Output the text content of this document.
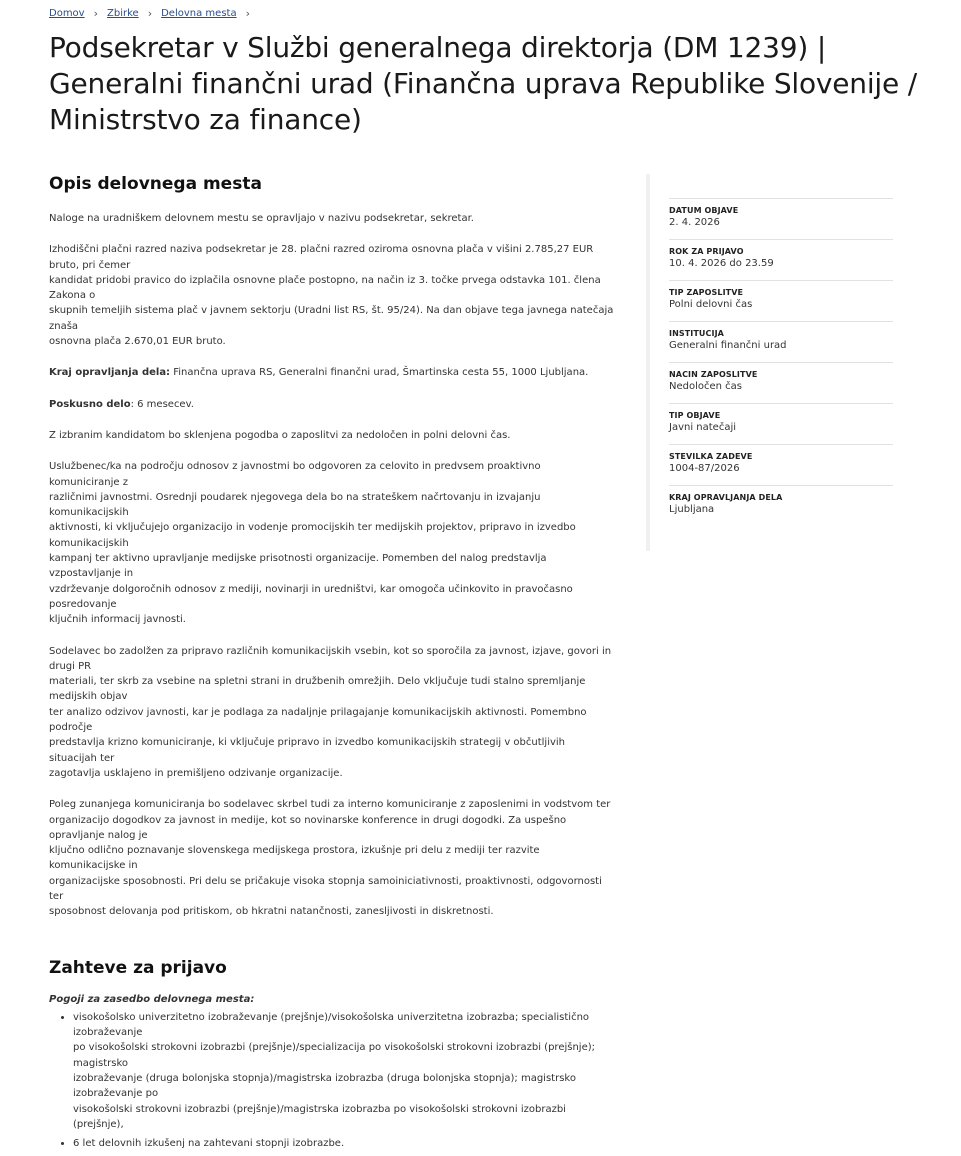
Domov › Zbirke › Delovna mesta ›
Podsekretar v Službi generalnega direktorja (DM 1239) | Generalni finančni urad (Finančna uprava Republike Slovenije / Ministrstvo za finance)
Opis delovnega mesta

Naloge na uradniškem delovnem mestu se opravljajo v nazivu podsekretar, sekretar.

Izhodiščni plačni razred naziva podsekretar je 28. plačni razred oziroma osnovna plača v višini 2.785,27 EUR bruto, pri čemer

kandidat pridobi pravico do izplačila osnovne plače postopno, na način iz 3. točke prvega odstavka 101. člena Zakona o

skupnih temeljih sistema plač v javnem sektorju (Uradni list RS, št. 95/24). Na dan objave tega javnega natečaja znaša

osnovna plača 2.670,01 EUR bruto.

Kraj opravljanja dela: Finančna uprava RS, Generalni finančni urad, Šmartinska cesta 55, 1000 Ljubljana.

Poskusno delo: 6 mesecev.

Z izbranim kandidatom bo sklenjena pogodba o zaposlitvi za nedoločen in polni delovni čas.

Uslužbenec/ka na področju odnosov z javnostmi bo odgovoren za celovito in predvsem proaktivno komuniciranje z

različnimi javnostmi. Osrednji poudarek njegovega dela bo na strateškem načrtovanju in izvajanju komunikacijskih

aktivnosti, ki vključujejo organizacijo in vodenje promocijskih ter medijskih projektov, pripravo in izvedbo komunikacijskih

kampanj ter aktivno upravljanje medijske prisotnosti organizacije. Pomemben del nalog predstavlja vzpostavljanje in

vzdrževanje dolgoročnih odnosov z mediji, novinarji in uredništvi, kar omogoča učinkovito in pravočasno posredovanje

ključnih informacij javnosti.

Sodelavec bo zadolžen za pripravo različnih komunikacijskih vsebin, kot so sporočila za javnost, izjave, govori in drugi PR

materiali, ter skrb za vsebine na spletni strani in družbenih omrežjih. Delo vključuje tudi stalno spremljanje medijskih objav

ter analizo odzivov javnosti, kar je podlaga za nadaljnje prilagajanje komunikacijskih aktivnosti. Pomembno področje

predstavlja krizno komuniciranje, ki vključuje pripravo in izvedbo komunikacijskih strategij v občutljivih situacijah ter

zagotavlja usklajeno in premišljeno odzivanje organizacije.

Poleg zunanjega komuniciranja bo sodelavec skrbel tudi za interno komuniciranje z zaposlenimi in vodstvom ter

organizacijo dogodkov za javnost in medije, kot so novinarske konference in drugi dogodki. Za uspešno opravljanje nalog je

ključno odlično poznavanje slovenskega medijskega prostora, izkušnje pri delu z mediji ter razvite komunikacijske in

organizacijske sposobnosti. Pri delu se pričakuje visoka stopnja samoiniciativnosti, proaktivnosti, odgovornosti ter

sposobnost delovanja pod pritiskom, ob hkratni natančnosti, zanesljivosti in diskretnosti.

Zahteve za prijavo

Pogoji za zasedbo delovnega mesta:

• visokošolsko univerzitetno izobraževanje (prejšnje)/visokošolska univerzitetna izobrazba; specialistično izobraževanje
po visokošolski strokovni izobrazbi (prejšnje)/specializacija po visokošolski strokovni izobrazbi (prejšnje); magistrsko
izobraževanje (druga bolonjska stopnja)/magistrska izobrazba (druga bolonjska stopnja); magistrsko izobraževanje po
visokošolski strokovni izobrazbi (prejšnje)/magistrska izobrazba po visokošolski strokovni izobrazbi (prejšnje),
• 6 let delovnih izkušenj na zahtevani stopnji izobrazbe.
DATUM OBJAVE
2. 4. 2026
ROK ZA PRIJAVO
10. 4. 2026 do 23.59
TIP ZAPOSLITVE
Polni delovni čas
INSTITUCIJA
Generalni finančni urad
NACIN ZAPOSLITVE
Nedoločen čas
TIP OBJAVE
Javni natečaji
STEVILKA ZADEVE
1004-87/2026
KRAJ OPRAVLJANJA DELA
Ljubljana
